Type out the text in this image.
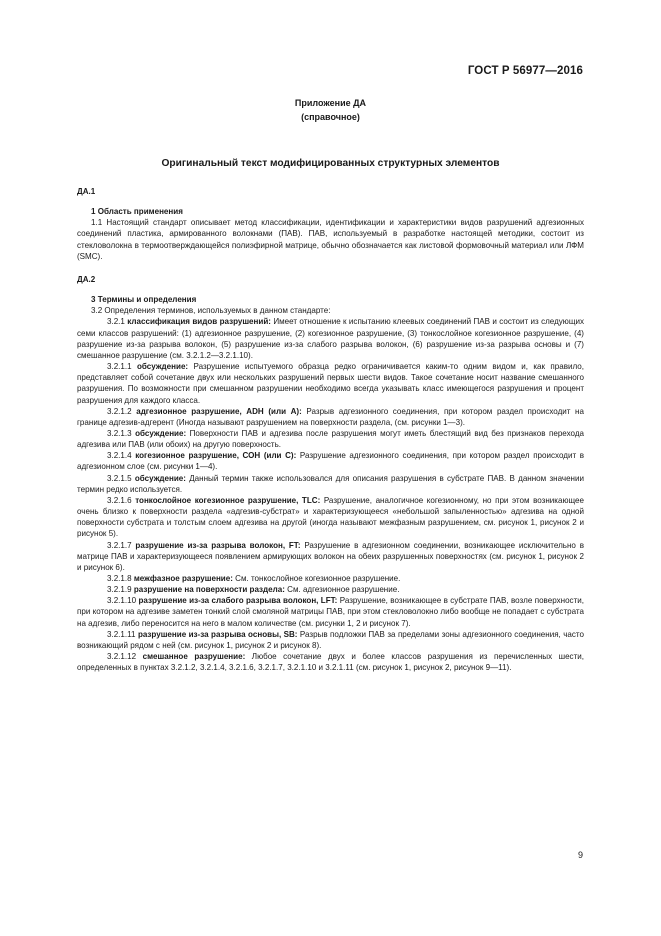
ГОСТ Р 56977—2016
Приложение ДА
(справочное)
Оригинальный текст модифицированных структурных элементов

ДА.1

1 Область применения

1.1 Настоящий стандарт описывает метод классификации, идентификации и характеристики видов разрушений адгезионных соединений пластика, армированного волокнами (ПАВ). ПАВ, используемый в разработке настоящей методики, состоит из стекловолокна в термоотверждающейся полиэфирной матрице, обычно обозначается как листовой формовочный материал или ЛФМ (SMC).

ДА.2

3 Термины и определения

3.2 Определения терминов, используемых в данном стандарте:

3.2.1 классификация видов разрушений: Имеет отношение к испытанию клеевых соединений ПАВ и состоит из следующих семи классов разрушений: (1) адгезионное разрушение, (2) когезионное разрушение, (3) тонкослойное когезионное разрушение, (4) разрушение из-за разрыва волокон, (5) разрушение из-за слабого разрыва волокон, (6) разрушение из-за разрыва основы и (7) смешанное разрушение (см. 3.2.1.2—3.2.1.10).

3.2.1.1 обсуждение: Разрушение испытуемого образца редко ограничивается каким-то одним видом и, как правило, представляет собой сочетание двух или нескольких разрушений первых шести видов. Такое сочетание носит название смешанного разрушения. По возможности при смешанном разрушении необходимо всегда указывать класс имеющегося разрушения и процент разрушения для каждого класса.

3.2.1.2 адгезионное разрушение, ADH (или А): Разрыв адгезионного соединения, при котором раздел происходит на границе адгезив-адгерент (Иногда называют разрушением на поверхности раздела, (см. рисунки 1—3).

3.2.1.3 обсуждение: Поверхности ПАВ и адгезива после разрушения могут иметь блестящий вид без признаков перехода адгезива или ПАВ (или обоих) на другую поверхность.

3.2.1.4 когезионное разрушение, СОН (или С): Разрушение адгезионного соединения, при котором раздел происходит в адгезионном слое (см. рисунки 1—4).

3.2.1.5 обсуждение: Данный термин также использовался для описания разрушения в субстрате ПАВ. В данном значении термин редко используется.

3.2.1.6 тонкослойное когезионное разрушение, TLC: Разрушение, аналогичное когезионному, но при этом возникающее очень близко к поверхности раздела «адгезив-субстрат» и характеризующееся «небольшой запыленностью» адгезива на одной поверхности субстрата и толстым слоем адгезива на другой (иногда называют межфазным разрушением, см. рисунок 1, рисунок 2 и рисунок 5).

3.2.1.7 разрушение из-за разрыва волокон, FT: Разрушение в адгезионном соединении, возникающее исключительно в матрице ПАВ и характеризующееся появлением армирующих волокон на обеих разрушенных поверхностях (см. рисунок 1, рисунок 2 и рисунок 6).

3.2.1.8 межфазное разрушение: См. тонкослойное когезионное разрушение.

3.2.1.9 разрушение на поверхности раздела: См. адгезионное разрушение.

3.2.1.10 разрушение из-за слабого разрыва волокон, LFT: Разрушение, возникающее в субстрате ПАВ, возле поверхности, при котором на адгезиве заметен тонкий слой смоляной матрицы ПАВ, при этом стекловолокно либо вообще не попадает с субстрата на адгезив, либо переносится на него в малом количестве (см. рисунки 1, 2 и рисунок 7).

3.2.1.11 разрушение из-за разрыва основы, SB: Разрыв подложки ПАВ за пределами зоны адгезионного соединения, часто возникающий рядом с ней (см. рисунок 1, рисунок 2 и рисунок 8).

3.2.1.12 смешанное разрушение: Любое сочетание двух и более классов разрушения из перечисленных шести, определенных в пунктах 3.2.1.2, 3.2.1.4, 3.2.1.6, 3.2.1.7, 3.2.1.10 и 3.2.1.11 (см. рисунок 1, рисунок 2, рисунок 9—11).

9
